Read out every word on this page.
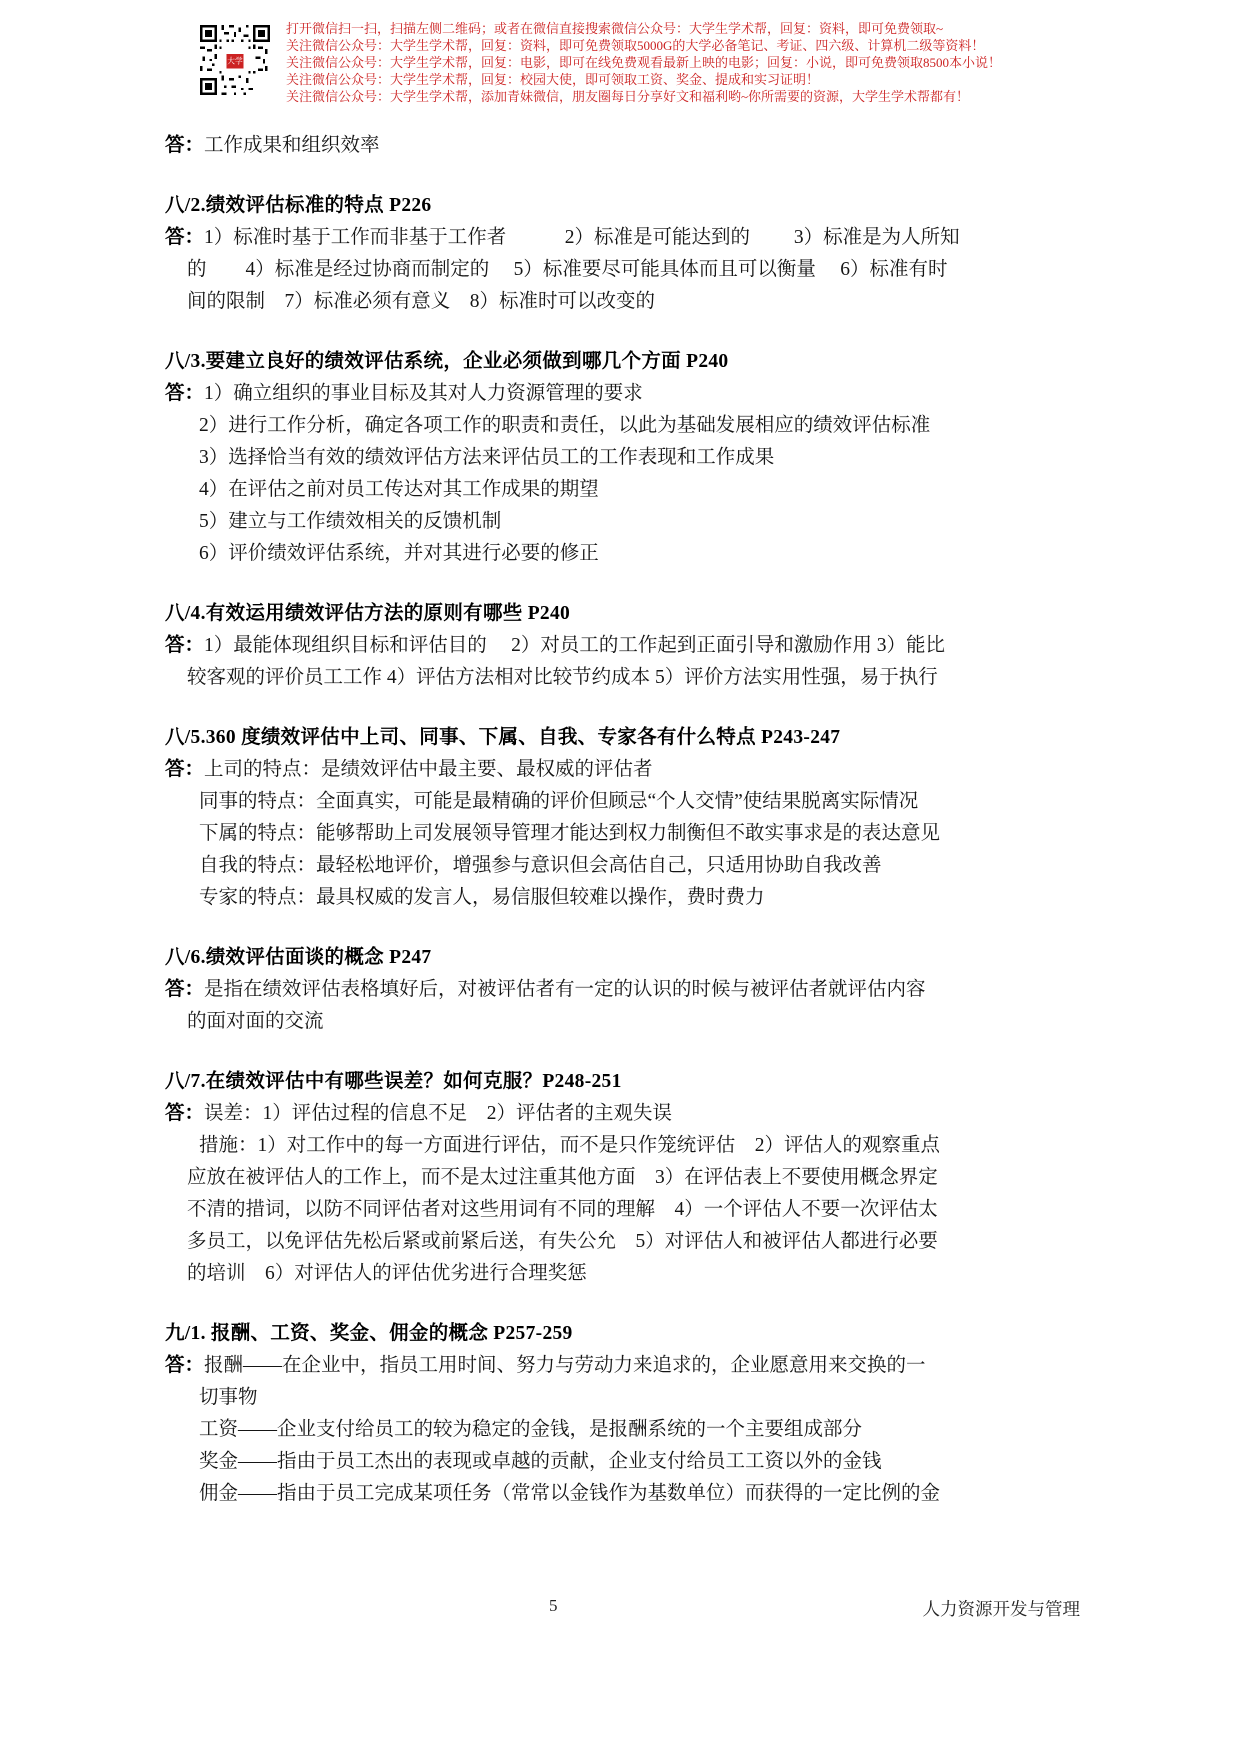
大学
打开微信扫一扫，扫描左侧二维码；或者在微信直接搜索微信公众号：大学生学术帮，回复：资料，即可免费领取~
关注微信公众号：大学生学术帮，回复：资料，即可免费领取5000G的大学必备笔记、考证、四六级、计算机二级等资料！
关注微信公众号：大学生学术帮，回复：电影，即可在线免费观看最新上映的电影；回复：小说，即可免费领取8500本小说！
关注微信公众号：大学生学术帮，回复：校园大使，即可领取工资、奖金、提成和实习证明！
关注微信公众号：大学生学术帮，添加青妹微信，朋友圈每日分享好文和福利哟~你所需要的资源，大学生学术帮都有！
答：工作成果和组织效率
八/2.绩效评估标准的特点 P226
答：1）标准时基于工作而非基于工作者　　　2）标准是可能达到的　　 3）标准是为人所知
的　　4）标准是经过协商而制定的　 5）标准要尽可能具体而且可以衡量　 6）标准有时
间的限制　7）标准必须有意义　8）标准时可以改变的
八/3.要建立良好的绩效评估系统，企业必须做到哪几个方面 P240
答：1）确立组织的事业目标及其对人力资源管理的要求
2）进行工作分析，确定各项工作的职责和责任，以此为基础发展相应的绩效评估标准
3）选择恰当有效的绩效评估方法来评估员工的工作表现和工作成果
4）在评估之前对员工传达对其工作成果的期望
5）建立与工作绩效相关的反馈机制
6）评价绩效评估系统，并对其进行必要的修正
八/4.有效运用绩效评估方法的原则有哪些 P240
答：1）最能体现组织目标和评估目的　 2）对员工的工作起到正面引导和激励作用 3）能比
较客观的评价员工工作 4）评估方法相对比较节约成本 5）评价方法实用性强，易于执行
八/5.360 度绩效评估中上司、同事、下属、自我、专家各有什么特点 P243-247
答：上司的特点：是绩效评估中最主要、最权威的评估者
同事的特点：全面真实，可能是最精确的评价但顾忌“个人交情”使结果脱离实际情况
下属的特点：能够帮助上司发展领导管理才能达到权力制衡但不敢实事求是的表达意见
自我的特点：最轻松地评价，增强参与意识但会高估自己，只适用协助自我改善
专家的特点：最具权威的发言人，易信服但较难以操作，费时费力
八/6.绩效评估面谈的概念 P247
答：是指在绩效评估表格填好后，对被评估者有一定的认识的时候与被评估者就评估内容
的面对面的交流
八/7.在绩效评估中有哪些误差？如何克服？P248-251
答：误差：1）评估过程的信息不足　2）评估者的主观失误
措施：1）对工作中的每一方面进行评估，而不是只作笼统评估　2）评估人的观察重点
应放在被评估人的工作上，而不是太过注重其他方面　3）在评估表上不要使用概念界定
不清的措词，以防不同评估者对这些用词有不同的理解　4）一个评估人不要一次评估太
多员工，以免评估先松后紧或前紧后送，有失公允　5）对评估人和被评估人都进行必要
的培训　6）对评估人的评估优劣进行合理奖惩
九/1. 报酬、工资、奖金、佣金的概念 P257-259
答：报酬——在企业中，指员工用时间、努力与劳动力来追求的，企业愿意用来交换的一
切事物
工资——企业支付给员工的较为稳定的金钱，是报酬系统的一个主要组成部分
奖金——指由于员工杰出的表现或卓越的贡献，企业支付给员工工资以外的金钱
佣金——指由于员工完成某项任务（常常以金钱作为基数单位）而获得的一定比例的金
5	人力资源开发与管理
